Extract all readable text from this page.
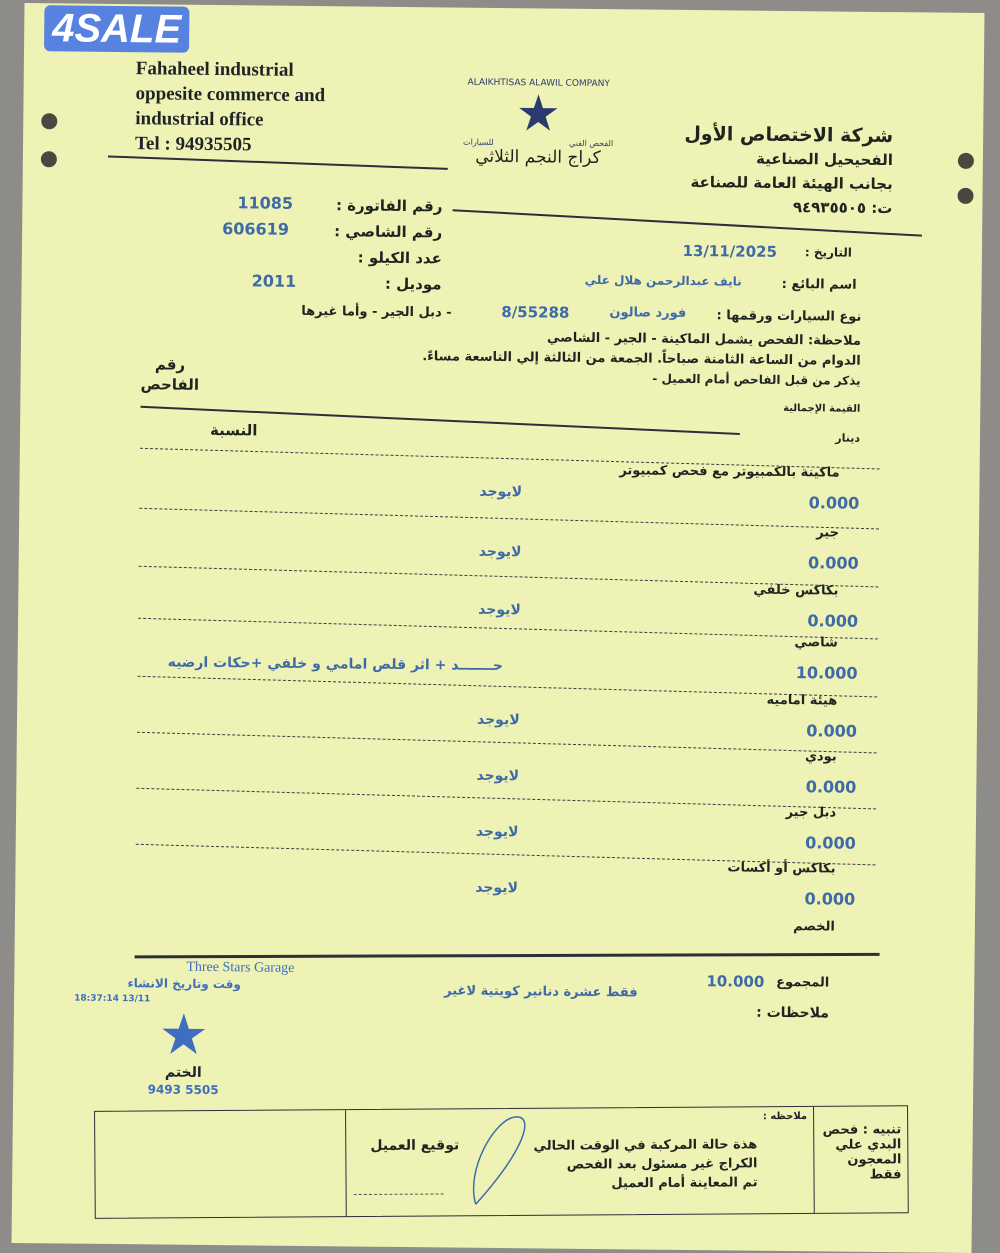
Fahaheel industrial
oppesite commerce and
industrial office
Tel : 94935505
ALAIKHTISAS ALAWIL COMPANY
★
للسيارات	الفحص الفني
كراج النجم الثلاثي
شركة الاختصاص الأول
الفحيحيل الصناعية
بجانب الهيئة العامة للصناعة
ت: ٩٤٩٣٥٥٠٥
رقم الفاتورة :
رقم الشاصي :
عدد الكيلو :
موديل :
11085
606619
2011
التاريخ :
13/11/2025
اسم البائع :
نايف عبدالرحمن هلال علي
نوع السيارات ورقمها :
فورد صالون
8/55288
- دبل الجير - وأما غيرها
ملاحظة: الفحص يشمل الماكينة - الجير - الشاصي
الدوام من الساعة الثامنة صباحاً. الجمعة من الثالثة إلي التاسعة مساءً.
يذكر من قبل الفاحص أمام العميل -
رقم
الفاحص
القيمة الإجمالية
دينار
النسبة
ماكينة بالكمبيوتر مع فحص كمبيوتر
لايوجد
0.000
جير
لايوجد
0.000
بكاكس خلفي
لايوجد
0.000
شاصي
حـــــــد + اثر قلص امامي و خلفي +حكات ارضيه	10.000
هيئة اماميه
لايوجد
0.000
بودي
لايوجد
0.000
دبل جير
لايوجد
0.000
بكاكس أو أكسات
لايوجد
0.000
الخصم
المجموع
10.000
فقط عشرة دنانير كويتية لاغير
ملاحظات :
Three Stars Garage
وقت وتاريخ الانشاء
18:37:14 13/11
★
الختم
9493 5505
تنبيه : فحص البدي علي المعجون فقط
ملاحظه :
هذة حالة المركبة في الوقت الحالي
الكراج غير مسئول بعد الفحص
تم المعاينة أمام العميل
توقيع العميل
4SALE
